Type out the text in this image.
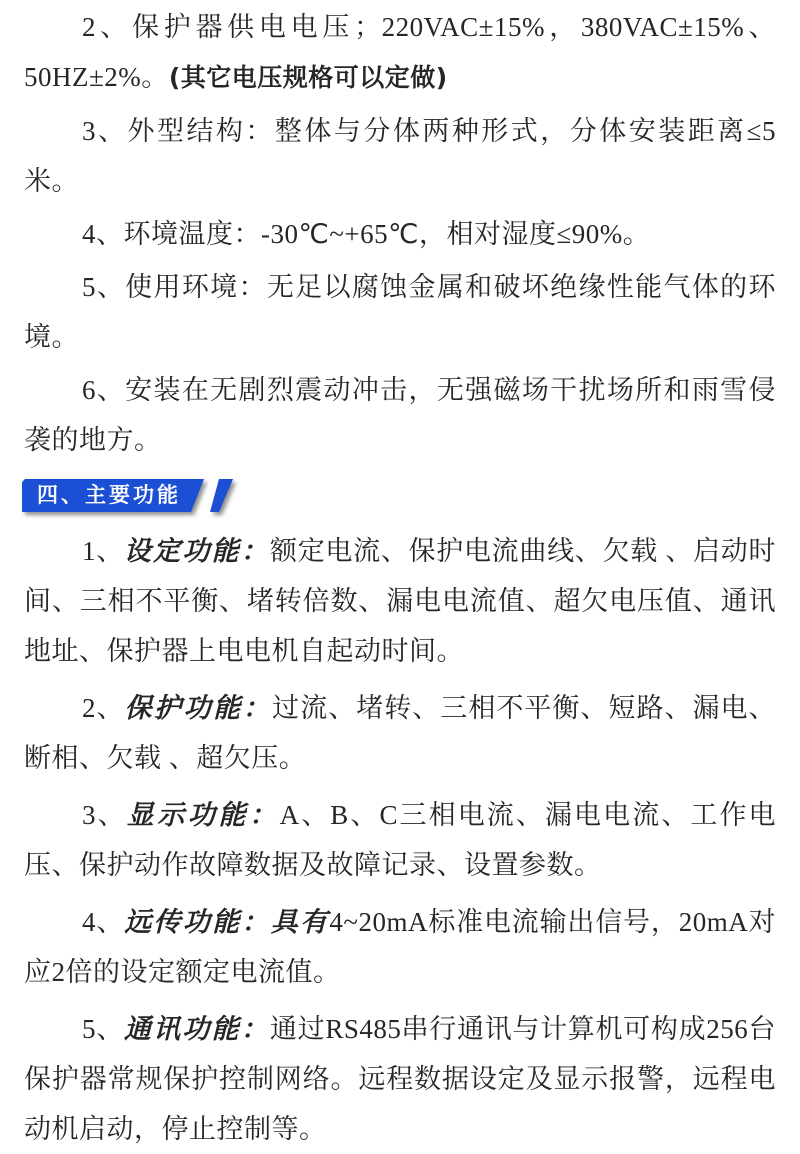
2、保护器供电电压；220VAC±15%，380VAC±15%、50HZ±2%。(其它电压规格可以定做)

3、外型结构：整体与分体两种形式，分体安装距离≤5米。

4、环境温度：-30℃~+65℃，相对湿度≤90%。

5、使用环境：无足以腐蚀金属和破坏绝缘性能气体的环境。

6、安装在无剧烈震动冲击，无强磁场干扰场所和雨雪侵袭的地方。

四、主要功能

1、设定功能：额定电流、保护电流曲线、欠载 、启动时间、三相不平衡、堵转倍数、漏电电流值、超欠电压值、通讯地址、保护器上电电机自起动时间。

2、保护功能：过流、堵转、三相不平衡、短路、漏电、断相、欠载 、超欠压。

3、显示功能：A、B、C三相电流、漏电电流、工作电压、保护动作故障数据及故障记录、设置参数。

4、远传功能：具有4~20mA标准电流输出信号，20mA对应2倍的设定额定电流值。

5、通讯功能：通过RS485串行通讯与计算机可构成256台保护器常规保护控制网络。远程数据设定及显示报警，远程电动机启动，停止控制等。
